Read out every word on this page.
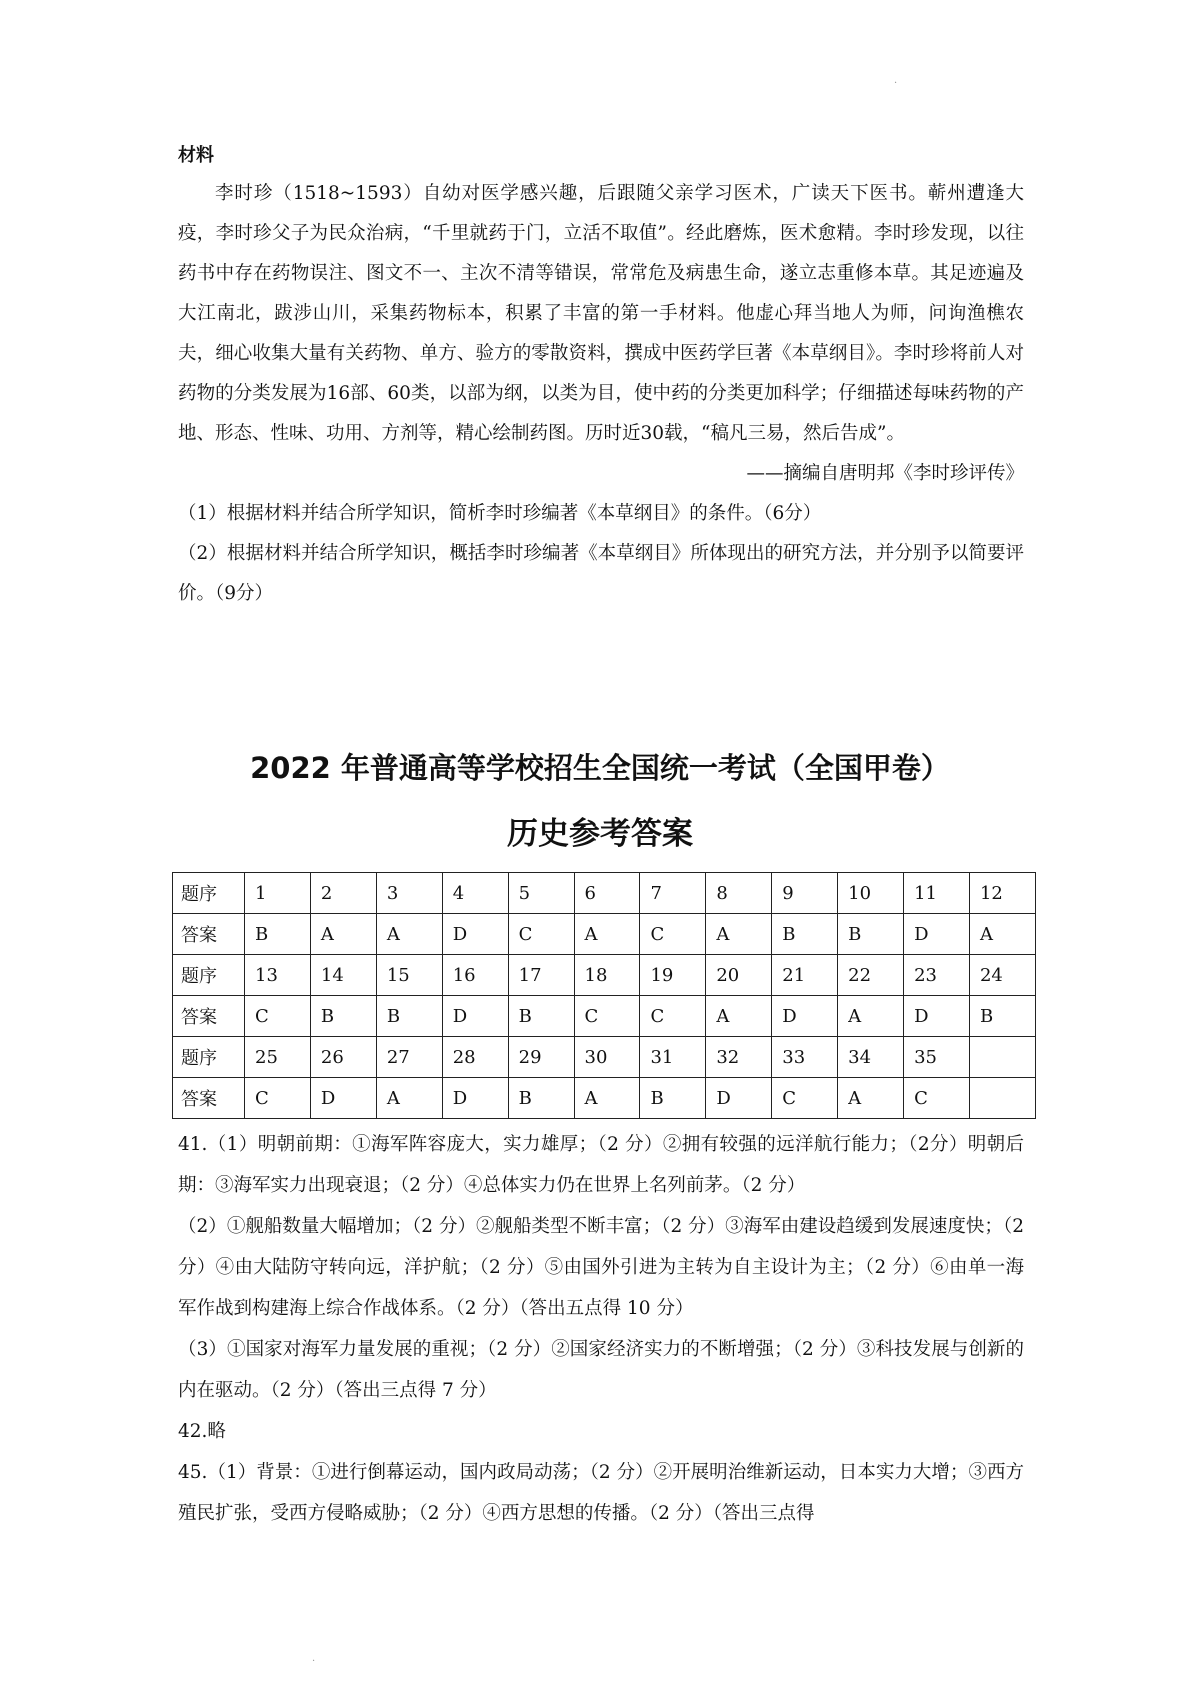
·
·

材料

李时珍（1518~1593）自幼对医学感兴趣，后跟随父亲学习医术，广读天下医书。蕲州遭逢大疫，李时珍父子为民众治病，“千里就药于门，立活不取值”。经此磨炼，医术愈精。李时珍发现，以往药书中存在药物误注、图文不一、主次不清等错误，常常危及病患生命，遂立志重修本草。其足迹遍及大江南北，跋涉山川，采集药物标本，积累了丰富的第一手材料。他虚心拜当地人为师，问询渔樵农夫，细心收集大量有关药物、单方、验方的零散资料，撰成中医药学巨著《本草纲目》。李时珍将前人对药物的分类发展为16部、60类，以部为纲，以类为目，使中药的分类更加科学；仔细描述每味药物的产地、形态、性味、功用、方剂等，精心绘制药图。历时近30载，“稿凡三易，然后告成”。

——摘编自唐明邦《李时珍评传》

（1）根据材料并结合所学知识，简析李时珍编著《本草纲目》的条件。（6分）

（2）根据材料并结合所学知识，概括李时珍编著《本草纲目》所体现出的研究方法，并分别予以简要评价。（9分）

2022 年普通高等学校招生全国统一考试（全国甲卷）
历史参考答案
题序	1	2	3	4	5	6	7	8	9	10	11	12
答案	B	A	A	D	C	A	C	A	B	B	D	A
题序	13	14	15	16	17	18	19	20	21	22	23	24
答案	C	B	B	D	B	C	C	A	D	A	D	B
题序	25	26	27	28	29	30	31	32	33	34	35	
答案	C	D	A	D	B	A	B	D	C	A	C	

41.（1）明朝前期：①海军阵容庞大，实力雄厚；（2 分）②拥有较强的远洋航行能力；（2分）明朝后期：③海军实力出现衰退；（2 分）④总体实力仍在世界上名列前茅。（2 分）

（2）①舰船数量大幅增加；（2 分）②舰船类型不断丰富；（2 分）③海军由建设趋缓到发展速度快；（2 分）④由大陆防守转向远，洋护航；（2 分）⑤由国外引进为主转为自主设计为主；（2 分）⑥由单一海军作战到构建海上综合作战体系。（2 分）（答出五点得 10 分）

（3）①国家对海军力量发展的重视；（2 分）②国家经济实力的不断增强；（2 分）③科技发展与创新的内在驱动。（2 分）（答出三点得 7 分）

42.略

45.（1）背景：①进行倒幕运动，国内政局动荡；（2 分）②开展明治维新运动，日本实力大增；③西方殖民扩张，受西方侵略威胁；（2 分）④西方思想的传播。（2 分）（答出三点得
